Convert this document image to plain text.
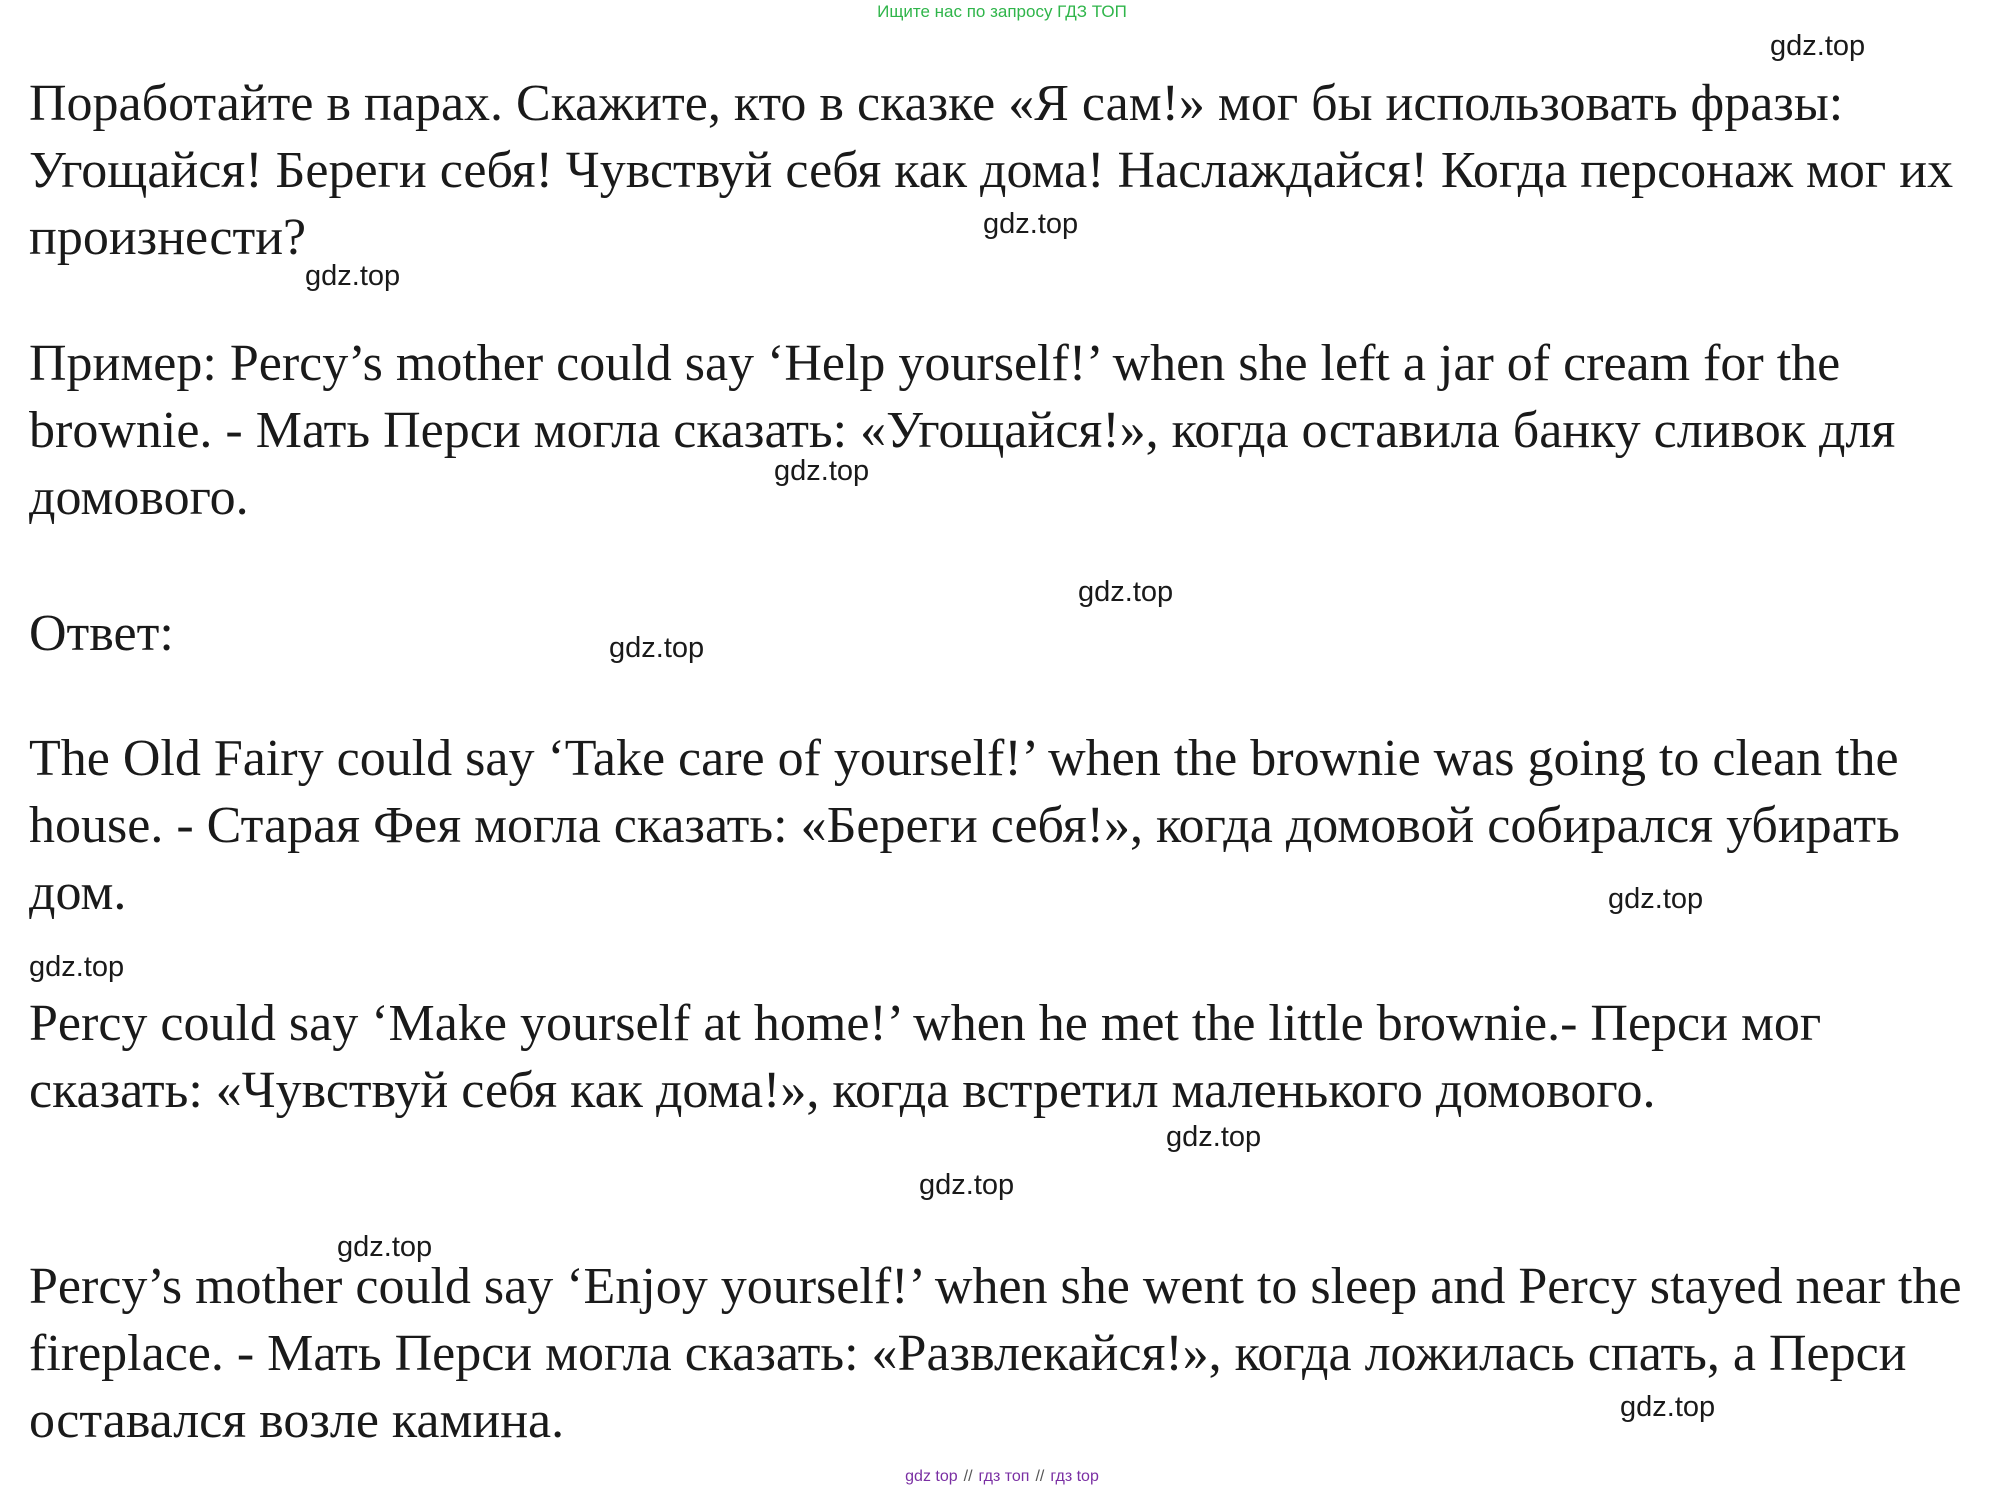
Ищите нас по запросу ГДЗ ТОП

Поработайте в парах. Скажите, кто в сказке «Я сам!» мог бы использовать фразы: Угощайся! Береги себя! Чувствуй себя как дома! Наслаждайся! Когда персонаж мог их произнести?

Пример: Percy’s mother could say ‘Help yourself!’ when she left a jar of cream for the brownie. - Мать Перси могла сказать: «Угощайся!», когда оставила банку сливок для домового.

Ответ:

The Old Fairy could say ‘Take care of yourself!’ when the brownie was going to clean the house. - Старая Фея могла сказать: «Береги себя!», когда домовой собирался убирать дом.

Percy could say ‘Make yourself at home!’ when he met the little brownie.- Перси мог сказать: «Чувствуй себя как дома!», когда встретил маленького домового.

Percy’s mother could say ‘Enjoy yourself!’ when she went to sleep and Percy stayed near the fireplace. - Мать Перси могла сказать: «Развлекайся!», когда ложилась спать, а Перси оставался возле камина.

gdz.top
gdz.top
gdz.top
gdz.top
gdz.top
gdz.top
gdz.top
gdz.top
gdz.top
gdz.top
gdz.top
gdz.top
gdz top // гдз топ // гдз top
